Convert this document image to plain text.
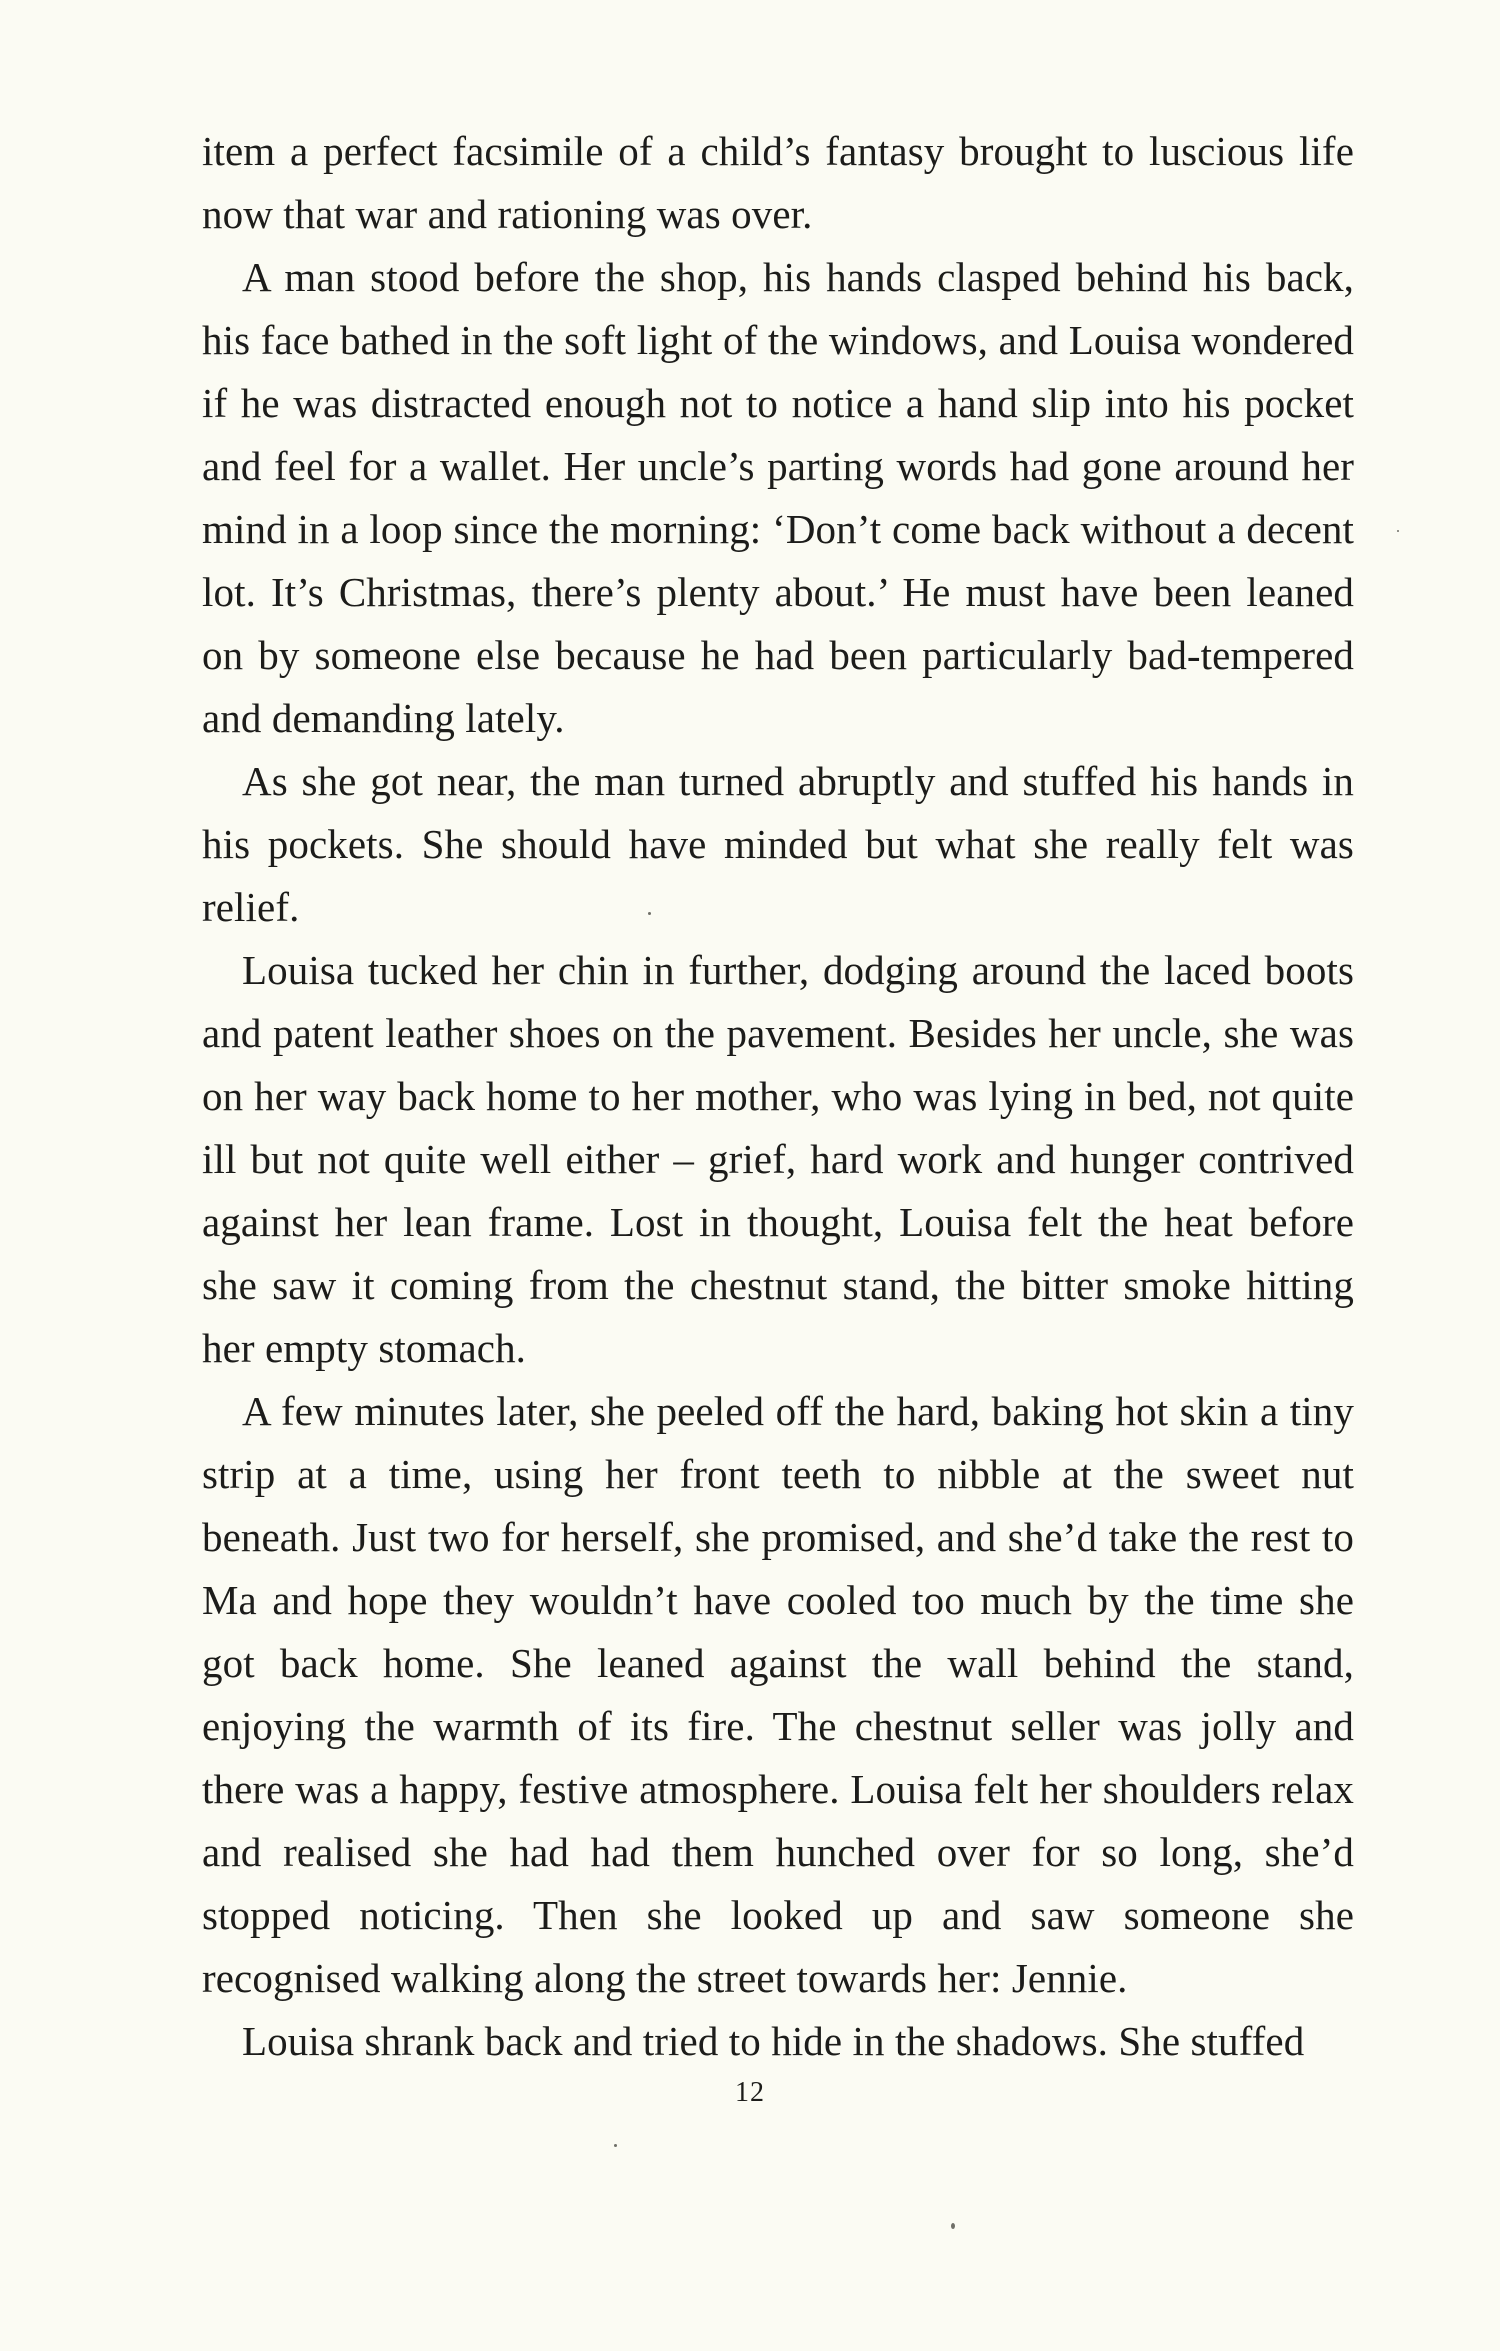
item a perfect facsimile of a child’s fantasy brought to luscious life now that war and rationing was over.

A man stood before the shop, his hands clasped behind his back, his face bathed in the soft light of the windows, and Louisa wondered if he was distracted enough not to notice a hand slip into his pocket and feel for a wallet. Her uncle’s parting words had gone around her mind in a loop since the morning: ‘Don’t come back without a decent lot. It’s Christmas, there’s plenty about.’ He must have been leaned on by someone else because he had been particularly bad-tempered and demanding lately.

As she got near, the man turned abruptly and stuffed his hands in his pockets. She should have minded but what she really felt was relief.

Louisa tucked her chin in further, dodging around the laced boots and patent leather shoes on the pavement. Besides her uncle, she was on her way back home to her mother, who was lying in bed, not quite ill but not quite well either – grief, hard work and hunger contrived against her lean frame. Lost in thought, Louisa felt the heat before she saw it coming from the chestnut stand, the bitter smoke hitting her empty stomach.

A few minutes later, she peeled off the hard, baking hot skin a tiny strip at a time, using her front teeth to nibble at the sweet nut beneath. Just two for herself, she promised, and she’d take the rest to Ma and hope they wouldn’t have cooled too much by the time she got back home. She leaned against the wall behind the stand, enjoying the warmth of its fire. The chestnut seller was jolly and there was a happy, festive atmosphere. Louisa felt her shoulders relax and realised she had had them hunched over for so long, she’d stopped noticing. Then she looked up and saw someone she recognised walking along the street towards her: Jennie.

Louisa shrank back and tried to hide in the shadows. She stuffed

12
